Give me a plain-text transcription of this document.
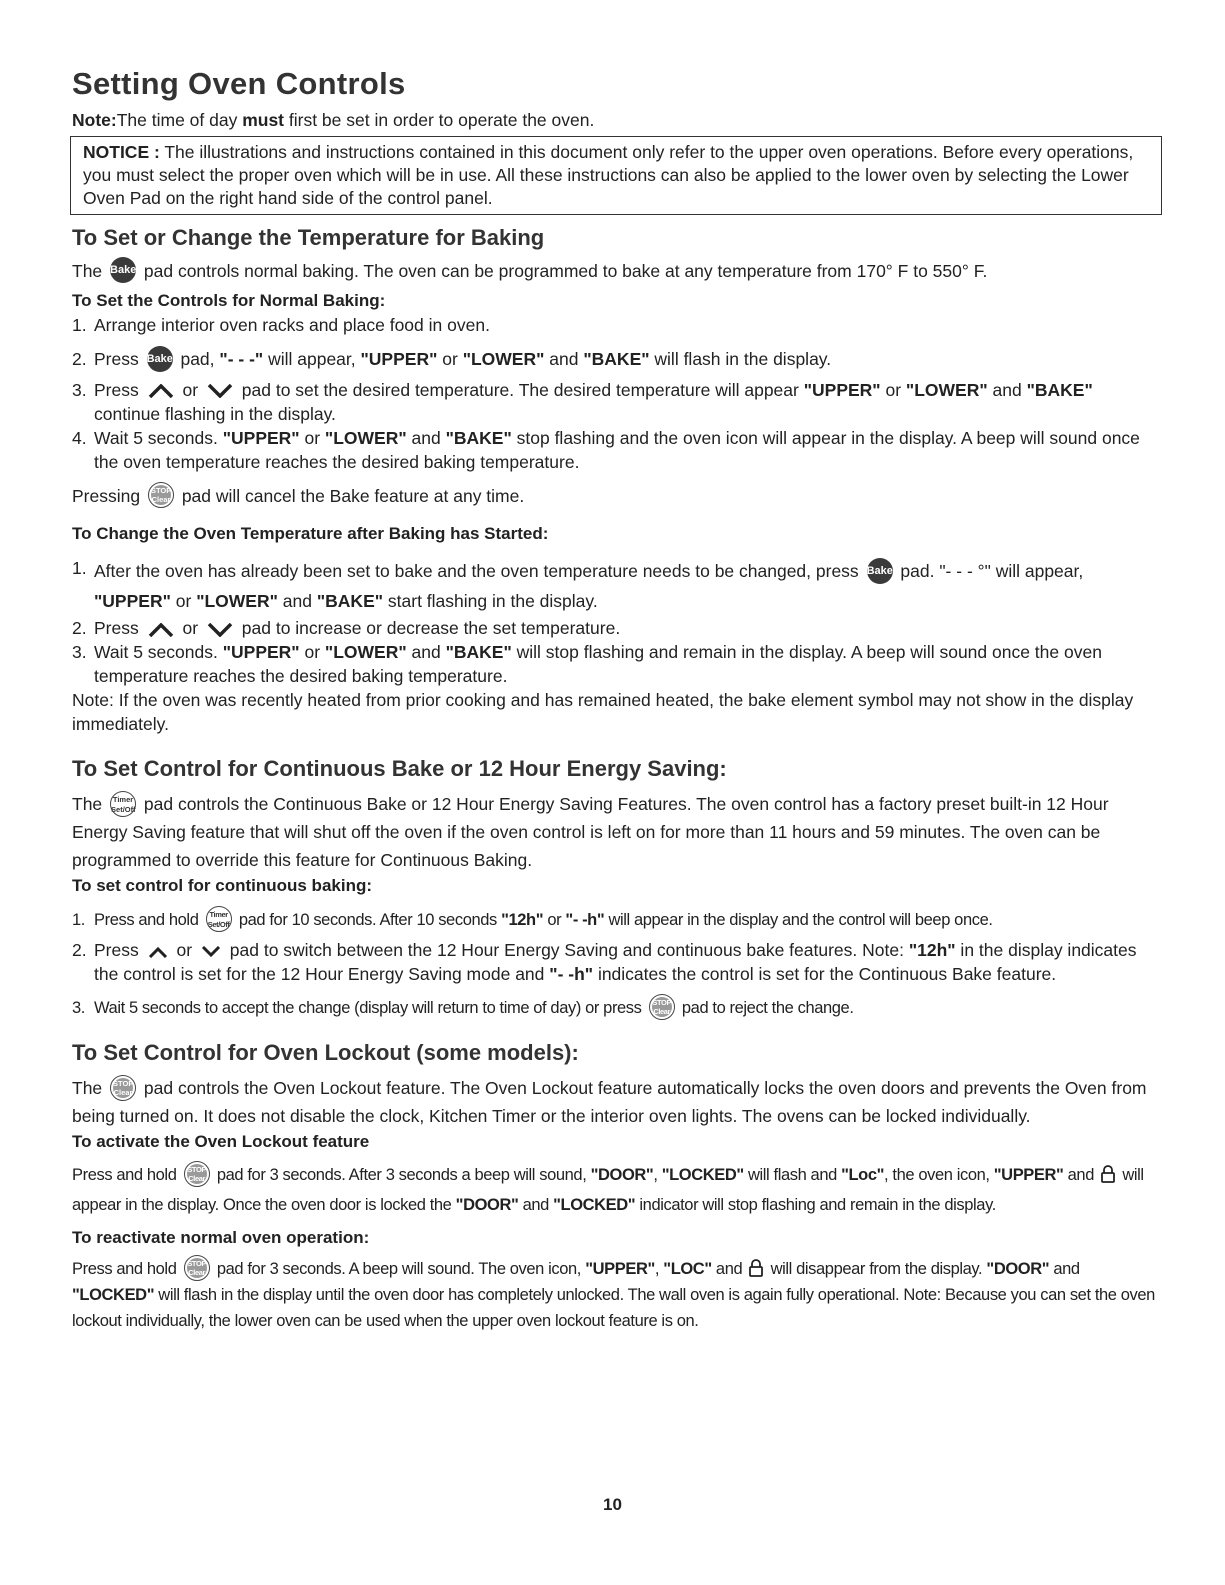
Setting Oven Controls

Note:The time of day must first be set in order to operate the oven.

NOTICE : The illustrations and instructions contained in this document only refer to the upper oven operations. Before every operations, you must select the proper oven which will be in use. All these instructions can also be applied to the lower oven by selecting the Lower Oven Pad on the right hand side of the control panel.
To Set or Change the Temperature for Baking

The Bake pad controls normal baking. The oven can be programmed to bake at any temperature from 170° F to 550° F.

To Set the Controls for Normal Baking:

1. Arrange interior oven racks and place food in oven.
2. Press Bake pad, "- - -" will appear, "UPPER" or "LOWER" and "BAKE" will flash in the display.
3. Press  or  pad to set the desired temperature. The desired temperature will appear "UPPER" or "LOWER" and "BAKE" continue flashing in the display.
4. Wait 5 seconds. "UPPER" or "LOWER" and "BAKE" stop flashing and the oven icon will appear in the display. A beep will sound once the oven temperature reaches the desired baking temperature.

Pressing STOP
Clear pad will cancel the Bake feature at any time.

To Change the Oven Temperature after Baking has Started:

1. After the oven has already been set to bake and the oven temperature needs to be changed, press Bake pad. "- - - °" will appear, "UPPER" or "LOWER" and "BAKE" start flashing in the display.
2. Press  or  pad to increase or decrease the set temperature.
3. Wait 5 seconds. "UPPER" or "LOWER" and "BAKE" will stop flashing and remain in the display. A beep will sound once the oven temperature reaches the desired baking temperature.

Note: If the oven was recently heated from prior cooking and has remained heated, the bake element symbol may not show in the display immediately.

To Set Control for Continuous Bake or 12 Hour Energy Saving:

The Timer
Set/Off pad controls the Continuous Bake or 12 Hour Energy Saving Features. The oven control has a factory preset built-in 12 Hour Energy Saving feature that will shut off the oven if the oven control is left on for more than 11 hours and 59 minutes. The oven can be programmed to override this feature for Continuous Baking.

To set control for continuous baking:

1. Press and hold Timer
Set/Off pad for 10 seconds. After 10 seconds "12h" or "- -h" will appear in the display and the control will beep once.
2. Press  or  pad to switch between the 12 Hour Energy Saving and continuous bake features. Note: "12h" in the display indicates the control is set for the 12 Hour Energy Saving mode and "- -h" indicates the control is set for the Continuous Bake feature.
3. Wait 5 seconds to accept the change (display will return to time of day) or press STOP
Clear pad to reject the change.
To Set Control for Oven Lockout (some models):

The STOP
Clear pad controls the Oven Lockout feature. The Oven Lockout feature automatically locks the oven doors and prevents the Oven from being turned on. It does not disable the clock, Kitchen Timer or the interior oven lights. The ovens can be locked individually.

To activate the Oven Lockout feature

Press and hold STOP
Clear pad for 3 seconds. After 3 seconds a beep will sound, "DOOR", "LOCKED" will flash and "Loc", the oven icon, "UPPER" and  will appear in the display. Once the oven door is locked the "DOOR" and "LOCKED" indicator will stop flashing and remain in the display.

To reactivate normal oven operation:

Press and hold STOP
Clear pad for 3 seconds. A beep will sound. The oven icon, "UPPER", "LOC" and  will disappear from the display. "DOOR" and "LOCKED" will flash in the display until the oven door has completely unlocked. The wall oven is again fully operational. Note: Because you can set the oven lockout individually, the lower oven can be used when the upper oven lockout feature is on.

10
